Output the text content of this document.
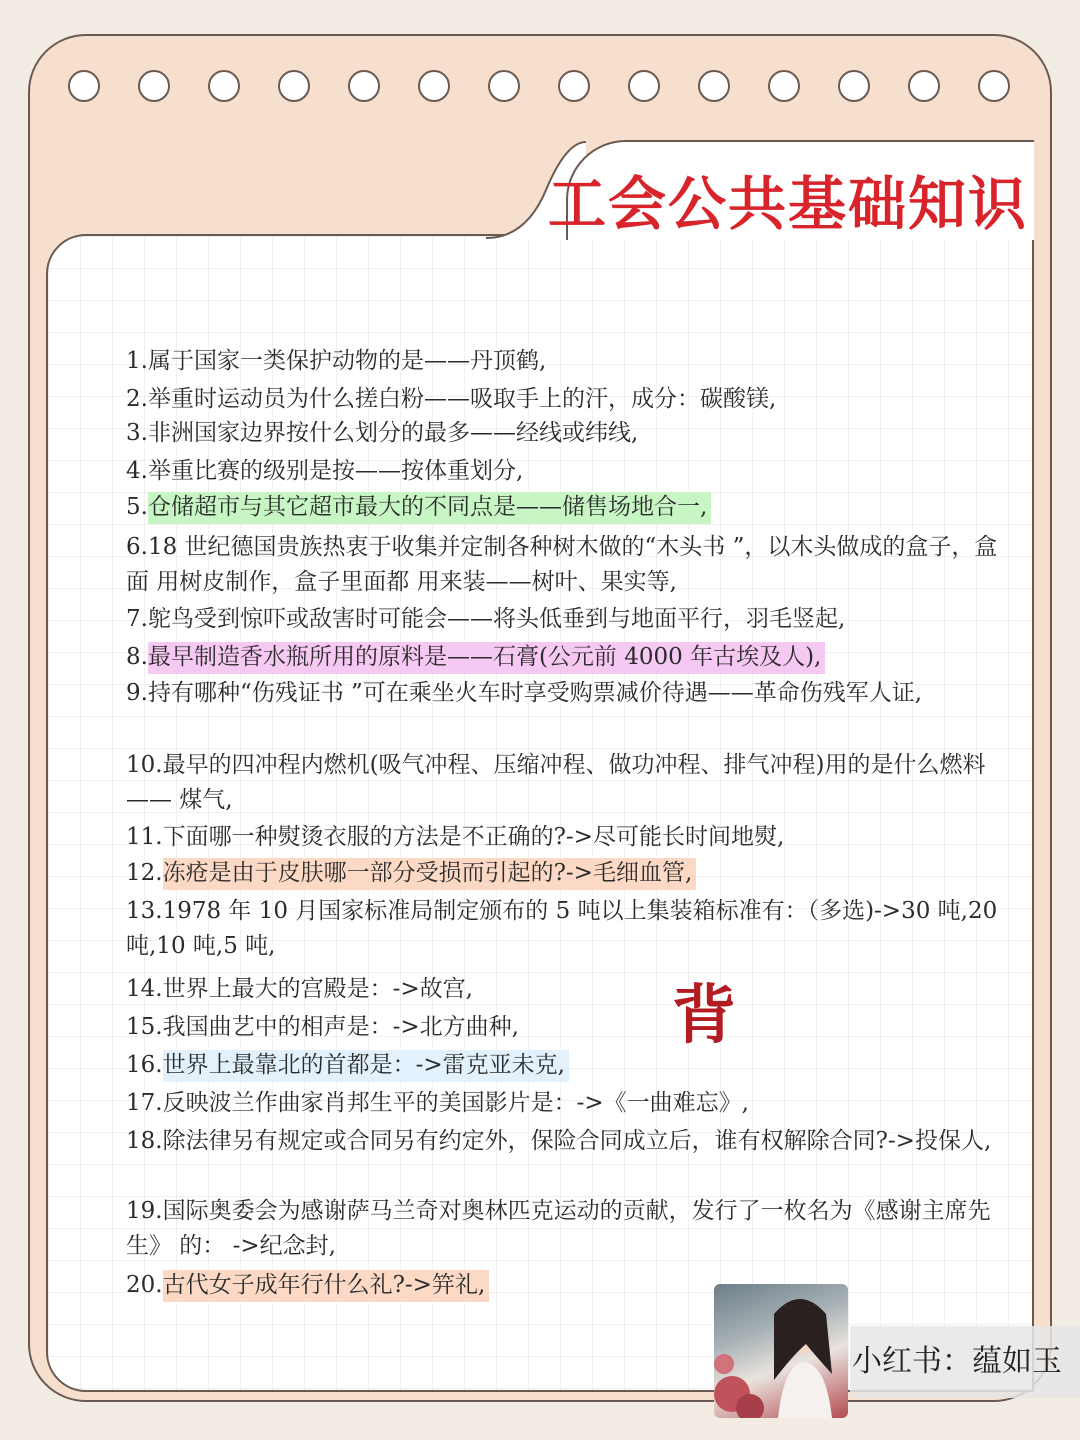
工会公共基础知识
1.属于国家一类保护动物的是——丹顶鹤,
2.举重时运动员为什么搓白粉——吸取手上的汗，成分：碳酸镁,
3.非洲国家边界按什么划分的最多——经线或纬线,
4.举重比赛的级别是按——按体重划分,
5.仓储超市与其它超市最大的不同点是——储售场地合一,
6.18 世纪德国贵族热衷于收集并定制各种树木做的“木头书 ”，以木头做成的盒子，盒面 用树皮制作，盒子里面都 用来装——树叶、果实等,
7.鸵鸟受到惊吓或敌害时可能会——将头低垂到与地面平行，羽毛竖起,
8.最早制造香水瓶所用的原料是——石膏(公元前 4000 年古埃及人),
9.持有哪种“伤残证书 ”可在乘坐火车时享受购票减价待遇——革命伤残军人证,
10.最早的四冲程内燃机(吸气冲程、压缩冲程、做功冲程、排气冲程)用的是什么燃料—— 煤气,
11.下面哪一种熨烫衣服的方法是不正确的?->尽可能长时间地熨,
12.冻疮是由于皮肤哪一部分受损而引起的?->毛细血管,
13.1978 年 10 月国家标准局制定颁布的 5 吨以上集装箱标准有：（多选)->30 吨,20 吨,10 吨,5 吨,
14.世界上最大的宫殿是：->故宫,
15.我国曲艺中的相声是：->北方曲种,
16.世界上最靠北的首都是：->雷克亚未克,
17.反映波兰作曲家肖邦生平的美国影片是：->《一曲难忘》,
18.除法律另有规定或合同另有约定外，保险合同成立后，谁有权解除合同?->投保人,
19.国际奥委会为感谢萨马兰奇对奥林匹克运动的贡献，发行了一枚名为《感谢主席先生》 的： ->纪念封,
20.古代女子成年行什么礼?->笄礼,
背
小红书：蕴如玉
